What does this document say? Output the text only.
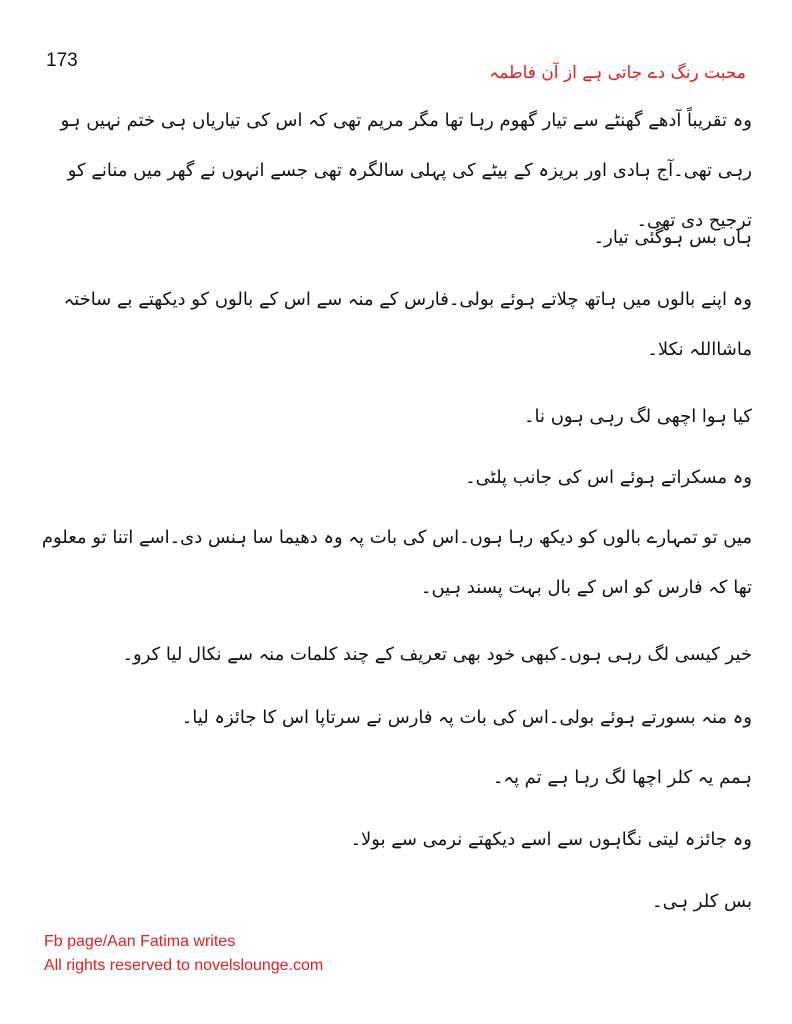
173
محبت رنگ دے جاتی ہے از آن فاطمہ

وہ تقریباً آدھے گھنٹے سے تیار گھوم رہا تھا مگر مریم تھی کہ اس کی تیاریاں ہی ختم نہیں ہو رہی تھی۔آج ہادی اور بریزہ کے بیٹے کی پہلی سالگرہ تھی جسے انہوں نے گھر میں منانے کو ترجیح دی تھی۔

ہاں بس ہوگئی تیار۔

وہ اپنے بالوں میں ہاتھ چلاتے ہوئے بولی۔فارس کے منہ سے اس کے بالوں کو دیکھتے بے ساختہ ماشااللہ نکلا۔

کیا ہوا اچھی لگ رہی ہوں نا۔

وہ مسکراتے ہوئے اس کی جانب پلٹی۔

میں تو تمہارے بالوں کو دیکھ رہا ہوں۔اس کی بات پہ وہ دھیما سا ہنس دی۔اسے اتنا تو معلوم تھا کہ فارس کو اس کے بال بہت پسند ہیں۔

خیر کیسی لگ رہی ہوں۔کبھی خود بھی تعریف کے چند کلمات منہ سے نکال لیا کرو۔

وہ منہ بسورتے ہوئے بولی۔اس کی بات پہ فارس نے سرتاپا اس کا جائزہ لیا۔

ہمم یہ کلر اچھا لگ رہا ہے تم پہ۔

وہ جائزہ لیتی نگاہوں سے اسے دیکھتے نرمی سے بولا۔

بس کلر ہی۔

Fb page/Aan Fatima writes
All rights reserved to novelslounge.com
